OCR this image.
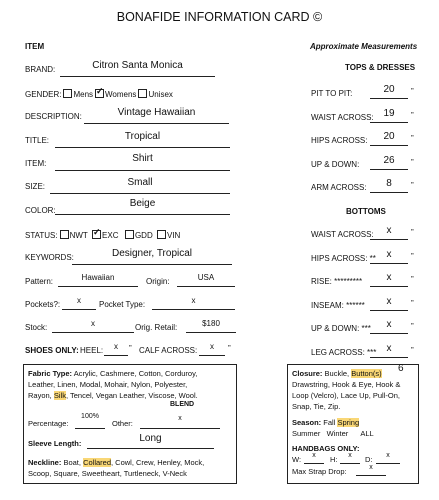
BONAFIDE INFORMATION CARD ©
ITEM
BRAND:	Citron Santa Monica
GENDER: Mens ✓ Womens Unisex
DESCRIPTION:	Vintage Hawaiian
TITLE:	Tropical
ITEM:	Shirt
SIZE:	Small
COLOR:
Beige
STATUS: NWT ✓ EXC GDD VIN
KEYWORDS:	Designer, Tropical
Pattern:	Hawaiian	Origin:	USA
Pockets?:	x	Pocket Type:	x
Stock:	x	Orig. Retail:	$180
SHOES ONLY: HEEL:	x	” CALF ACROSS:	x	”
Approximate Measurements
TOPS & DRESSES
PIT TO PIT:	20	”
WAIST ACROSS: 19	”
HIPS ACROSS:	20	”
UP & DOWN:	26	”
ARM ACROSS:	8	”
BOTTOMS
WAIST ACROSS:	x	”
HIPS ACROSS: **	x	”
RISE: *********	x	”
INSEAM: ******	x	”
UP & DOWN: ***	x	”
LEG ACROSS: ***	x	”
Fabric Type: Acrylic, Cashmere, Cotton, Corduroy,
Leather, Linen, Modal, Mohair, Nylon, Polyester,
Rayon, Silk, Tencel, Vegan Leather, Viscose, Wool.
BLEND
Percentage:
100%
Other:
x
Sleeve Length:	Long
Neckline: Boat, Collared, Cowl, Crew, Henley, Mock,
Scoop, Square, Sweetheart, Turtleneck, V-Neck
Closure: Buckle, Button(s) 6
Drawstring, Hook & Eye, Hook &
Loop (Velcro), Lace Up, Pull-On,
Snap, Tie, Zip.
Season: Fall Spring
Summer   Winter      ALL
HANDBAGS ONLY:
W:	x	H:	x	D:	x
Max Strap Drop:	x
